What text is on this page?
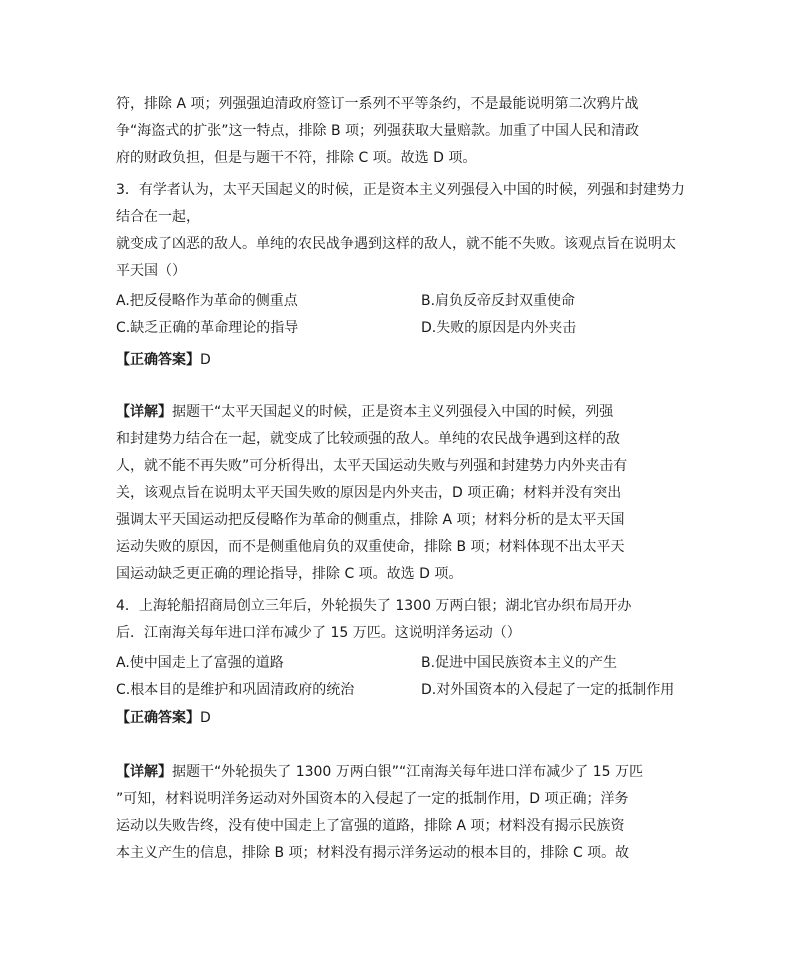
符，排除 A 项；列强强迫清政府签订一系列不平等条约，不是最能说明第二次鸦片战
争“海盗式的扩张”这一特点，排除 B 项；列强获取大量赔款。加重了中国人民和清政
府的财政负担，但是与题干不符，排除 C 项。故选 D 项。
3．有学者认为，太平天国起义的时候，正是资本主义列强侵入中国的时候，列强和封建势力
结合在一起，
就变成了凶恶的敌人。单纯的农民战争遇到这样的敌人，就不能不失败。该观点旨在说明太
平天国（）
A.把反侵略作为革命的侧重点	B.肩负反帝反封双重使命
C.缺乏正确的革命理论的指导	D.失败的原因是内外夹击
【正确答案】D
【详解】据题干“太平天国起义的时候，正是资本主义列强侵入中国的时候，列强
和封建势力结合在一起，就变成了比较顽强的敌人。单纯的农民战争遇到这样的敌
人，就不能不再失败”可分析得出，太平天国运动失败与列强和封建势力内外夹击有
关，该观点旨在说明太平天国失败的原因是内外夹击，D 项正确；材料并没有突出
强调太平天国运动把反侵略作为革命的侧重点，排除 A 项；材料分析的是太平天国
运动失败的原因，而不是侧重他肩负的双重使命，排除 B 项；材料体现不出太平天
国运动缺乏更正确的理论指导，排除 C 项。故选 D 项。
4．上海轮船招商局创立三年后，外轮损失了 1300 万两白银；湖北官办织布局开办
后．江南海关每年进口洋布减少了 15 万匹。这说明洋务运动（）
A.使中国走上了富强的道路	B.促进中国民族资本主义的产生
C.根本目的是维护和巩固清政府的统治	D.对外国资本的入侵起了一定的抵制作用
【正确答案】D
【详解】据题干“外轮损失了 1300 万两白银”“江南海关每年进口洋布减少了 15 万匹
”可知，材料说明洋务运动对外国资本的入侵起了一定的抵制作用，D 项正确；洋务
运动以失败告终，没有使中国走上了富强的道路，排除 A 项；材料没有揭示民族资
本主义产生的信息，排除 B 项；材料没有揭示洋务运动的根本目的，排除 C 项。故
